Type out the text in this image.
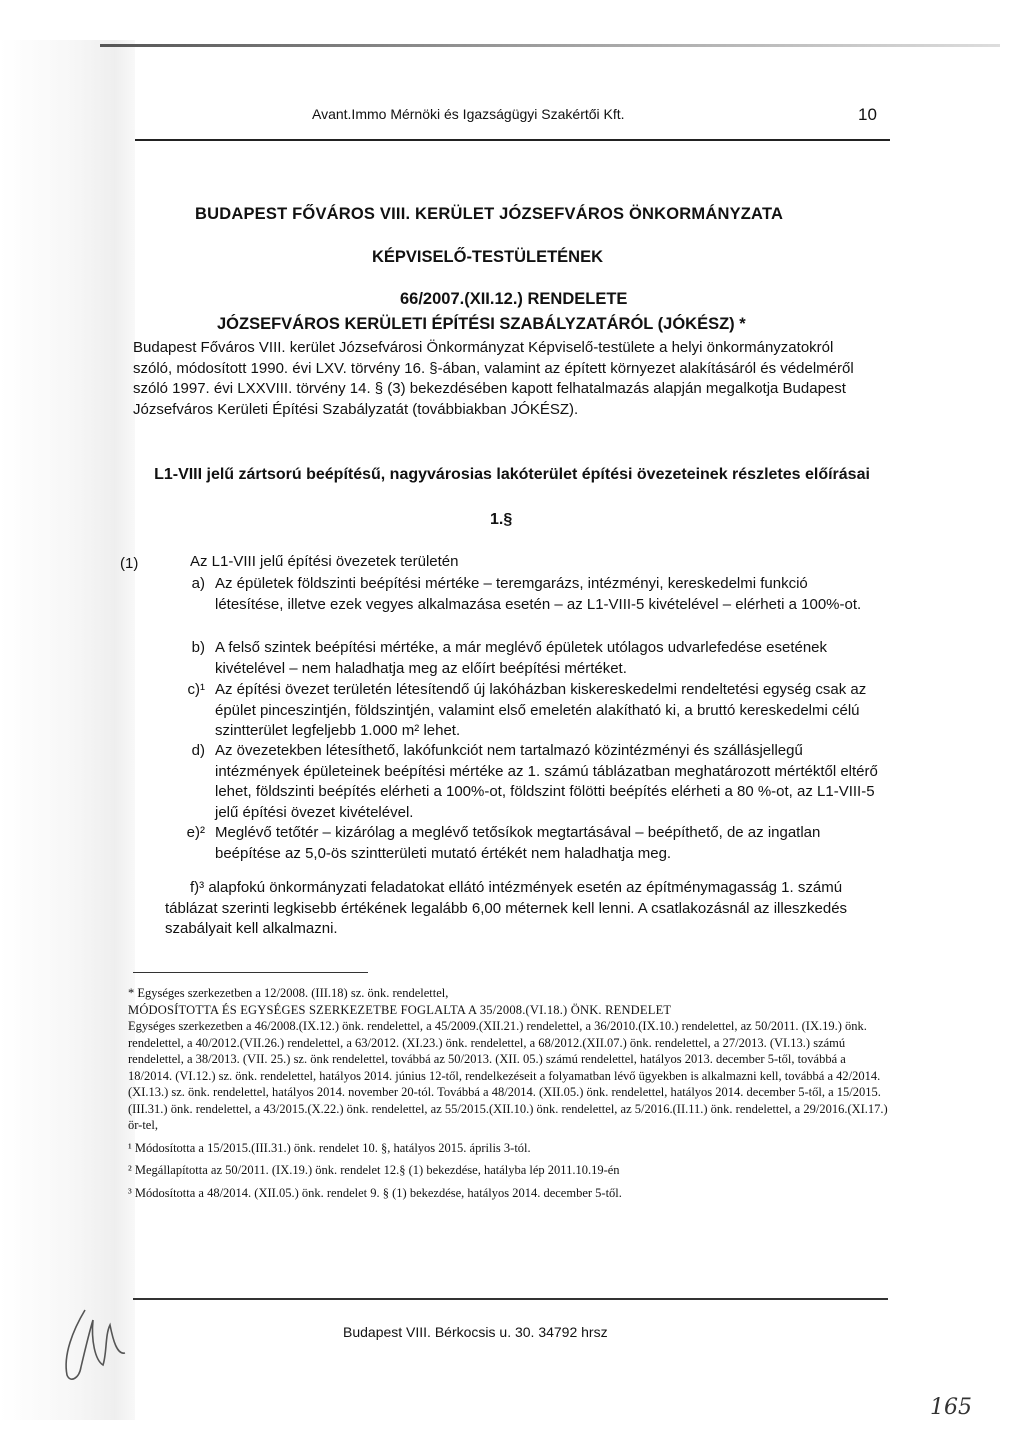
Avant.Immo Mérnöki és Igazságügyi Szakértői Kft.	10
BUDAPEST FŐVÁROS VIII. KERÜLET JÓZSEFVÁROS ÖNKORMÁNYZATA
KÉPVISELŐ-TESTÜLETÉNEK
66/2007.(XII.12.) RENDELETE
JÓZSEFVÁROS KERÜLETI ÉPÍTÉSI SZABÁLYZATÁRÓL (JÓKÉSZ) *
Budapest Főváros VIII. kerület Józsefvárosi Önkormányzat Képviselő-testülete a helyi önkormányzatokról szóló, módosított 1990. évi LXV. törvény 16. §-ában, valamint az épített környezet alakításáról és védelméről szóló 1997. évi LXXVIII. törvény 14. § (3) bekezdésében kapott felhatalmazás alapján megalkotja Budapest Józsefváros Kerületi Építési Szabályzatát (továbbiakban JÓKÉSZ).
L1-VIII jelű zártsorú beépítésű, nagyvárosias lakóterület építési övezeteinek részletes előírásai
1.§
(1)	Az L1-VIII jelű építési övezetek területén
a) Az épületek földszinti beépítési mértéke – teremgarázs, intézményi, kereskedelmi funkció létesítése, illetve ezek vegyes alkalmazása esetén – az L1-VIII-5 kivételével – elérheti a 100%-ot.
b) A felső szintek beépítési mértéke, a már meglévő épületek utólagos udvarlefedése esetének kivételével – nem haladhatja meg az előírt beépítési mértéket.
c)¹ Az építési övezet területén létesítendő új lakóházban kiskereskedelmi rendeltetési egység csak az épület pinceszintjén, földszintjén, valamint első emeletén alakítható ki, a bruttó kereskedelmi célú szintterület legfeljebb 1.000 m² lehet.
d) Az övezetekben létesíthető, lakófunkciót nem tartalmazó közintézményi és szállásjellegű intézmények épületeinek beépítési mértéke az 1. számú táblázatban meghatározott mértéktől eltérő lehet, földszinti beépítés elérheti a 100%-ot, földszint fölötti beépítés elérheti a 80 %-ot, az L1-VIII-5 jelű építési övezet kivételével.
e)² Meglévő tetőtér – kizárólag a meglévő tetősíkok megtartásával – beépíthető, de az ingatlan beépítése az 5,0-ös szintterületi mutató értékét nem haladhatja meg.
f)³ alapfokú önkormányzati feladatokat ellátó intézmények esetén az építménymagasság 1. számú táblázat szerinti legkisebb értékének legalább 6,00 méternek kell lenni. A csatlakozásnál az illeszkedés szabályait kell alkalmazni.

* Egységes szerkezetben a 12/2008. (III.18) sz. önk. rendelettel,

MÓDOSÍTOTTA ÉS EGYSÉGES SZERKEZETBE FOGLALTA A 35/2008.(VI.18.) ÖNK. RENDELET

Egységes szerkezetben a 46/2008.(IX.12.) önk. rendelettel, a 45/2009.(XII.21.) rendelettel, a 36/2010.(IX.10.) rendelettel, az 50/2011. (IX.19.) önk. rendelettel, a 40/2012.(VII.26.) rendelettel, a 63/2012. (XI.23.) önk. rendelettel, a 68/2012.(XII.07.) önk. rendelettel, a 27/2013. (VI.13.) számú rendelettel, a 38/2013. (VII. 25.) sz. önk rendelettel, továbbá az 50/2013. (XII. 05.) számú rendelettel, hatályos 2013. december 5-től, továbbá a 18/2014. (VI.12.) sz. önk. rendelettel, hatályos 2014. június 12-től, rendelkezéseit a folyamatban lévő ügyekben is alkalmazni kell, továbbá a 42/2014. (XI.13.) sz. önk. rendelettel, hatályos 2014. november 20-tól. Továbbá a 48/2014. (XII.05.) önk. rendelettel, hatályos 2014. december 5-től, a 15/2015.(III.31.) önk. rendelettel, a 43/2015.(X.22.) önk. rendelettel, az 55/2015.(XII.10.) önk. rendelettel, az 5/2016.(II.11.) önk. rendelettel, a 29/2016.(XI.17.) ör-tel,

¹ Módosította a 15/2015.(III.31.) önk. rendelet 10. §, hatályos 2015. április 3-tól.

² Megállapította az 50/2011. (IX.19.) önk. rendelet 12.§ (1) bekezdése, hatályba lép 2011.10.19-én

³ Módosította a 48/2014. (XII.05.) önk. rendelet 9. § (1) bekezdése, hatályos 2014. december 5-től.

Budapest VIII. Bérkocsis u. 30. 34792 hrsz
165
